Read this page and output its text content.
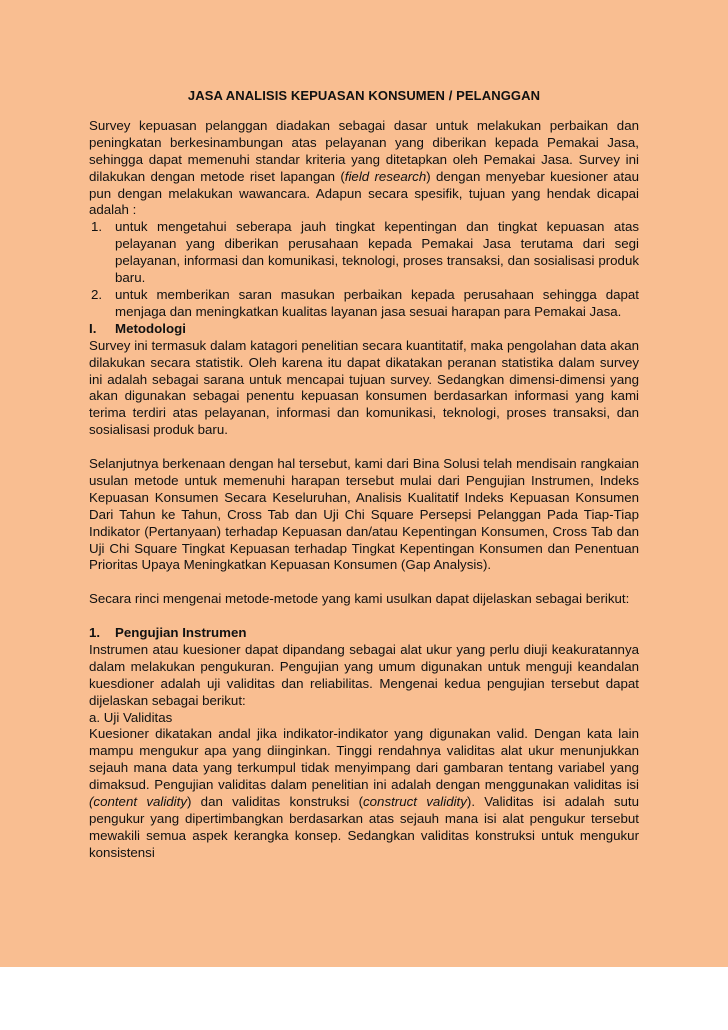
JASA ANALISIS KEPUASAN KONSUMEN / PELANGGAN

Survey kepuasan pelanggan diadakan sebagai dasar untuk melakukan perbaikan dan peningkatan berkesinambungan atas pelayanan yang diberikan kepada Pemakai Jasa, sehingga dapat memenuhi standar kriteria yang ditetapkan oleh Pemakai Jasa. Survey ini dilakukan dengan metode riset lapangan (field research) dengan menyebar kuesioner atau pun dengan melakukan wawancara. Adapun secara spesifik, tujuan yang hendak dicapai adalah :

1. untuk mengetahui seberapa jauh tingkat kepentingan dan tingkat kepuasan atas pelayanan yang diberikan perusahaan kepada Pemakai Jasa terutama dari segi pelayanan, informasi dan komunikasi, teknologi, proses transaksi, dan sosialisasi produk baru.
2. untuk memberikan saran masukan perbaikan kepada perusahaan sehingga dapat menjaga dan meningkatkan kualitas layanan jasa sesuai harapan para Pemakai Jasa.
I. Metodologi

Survey ini termasuk dalam katagori penelitian secara kuantitatif, maka pengolahan data akan dilakukan secara statistik. Oleh karena itu dapat dikatakan peranan statistika dalam survey ini adalah sebagai sarana untuk mencapai tujuan survey. Sedangkan dimensi-dimensi yang akan digunakan sebagai penentu kepuasan konsumen berdasarkan informasi yang kami terima terdiri atas pelayanan, informasi dan komunikasi, teknologi, proses transaksi, dan sosialisasi produk baru.

Selanjutnya berkenaan dengan hal tersebut, kami dari Bina Solusi telah mendisain rangkaian usulan metode untuk memenuhi harapan tersebut mulai dari Pengujian Instrumen, Indeks Kepuasan Konsumen Secara Keseluruhan, Analisis Kualitatif Indeks Kepuasan Konsumen Dari Tahun ke Tahun, Cross Tab dan Uji Chi Square Persepsi Pelanggan Pada Tiap-Tiap Indikator (Pertanyaan) terhadap Kepuasan dan/atau Kepentingan Konsumen, Cross Tab dan Uji Chi Square Tingkat Kepuasan terhadap Tingkat Kepentingan Konsumen dan Penentuan Prioritas Upaya Meningkatkan Kepuasan Konsumen (Gap Analysis).

Secara rinci mengenai metode-metode yang kami usulkan dapat dijelaskan sebagai berikut:

1. Pengujian Instrumen

Instrumen atau kuesioner dapat dipandang sebagai alat ukur yang perlu diuji keakuratannya dalam melakukan pengukuran. Pengujian yang umum digunakan untuk menguji keandalan kuesdioner adalah uji validitas dan reliabilitas. Mengenai kedua pengujian tersebut dapat dijelaskan sebagai berikut:

a. Uji Validitas

Kuesioner dikatakan andal jika indikator-indikator yang digunakan valid. Dengan kata lain mampu mengukur apa yang diinginkan. Tinggi rendahnya validitas alat ukur menunjukkan sejauh mana data yang terkumpul tidak menyimpang dari gambaran tentang variabel yang dimaksud. Pengujian validitas dalam penelitian ini adalah dengan menggunakan validitas isi (content validity) dan validitas konstruksi (construct validity). Validitas isi adalah sutu pengukur yang dipertimbangkan berdasarkan atas sejauh mana isi alat pengukur tersebut mewakili semua aspek kerangka konsep. Sedangkan validitas konstruksi untuk mengukur konsistensi
